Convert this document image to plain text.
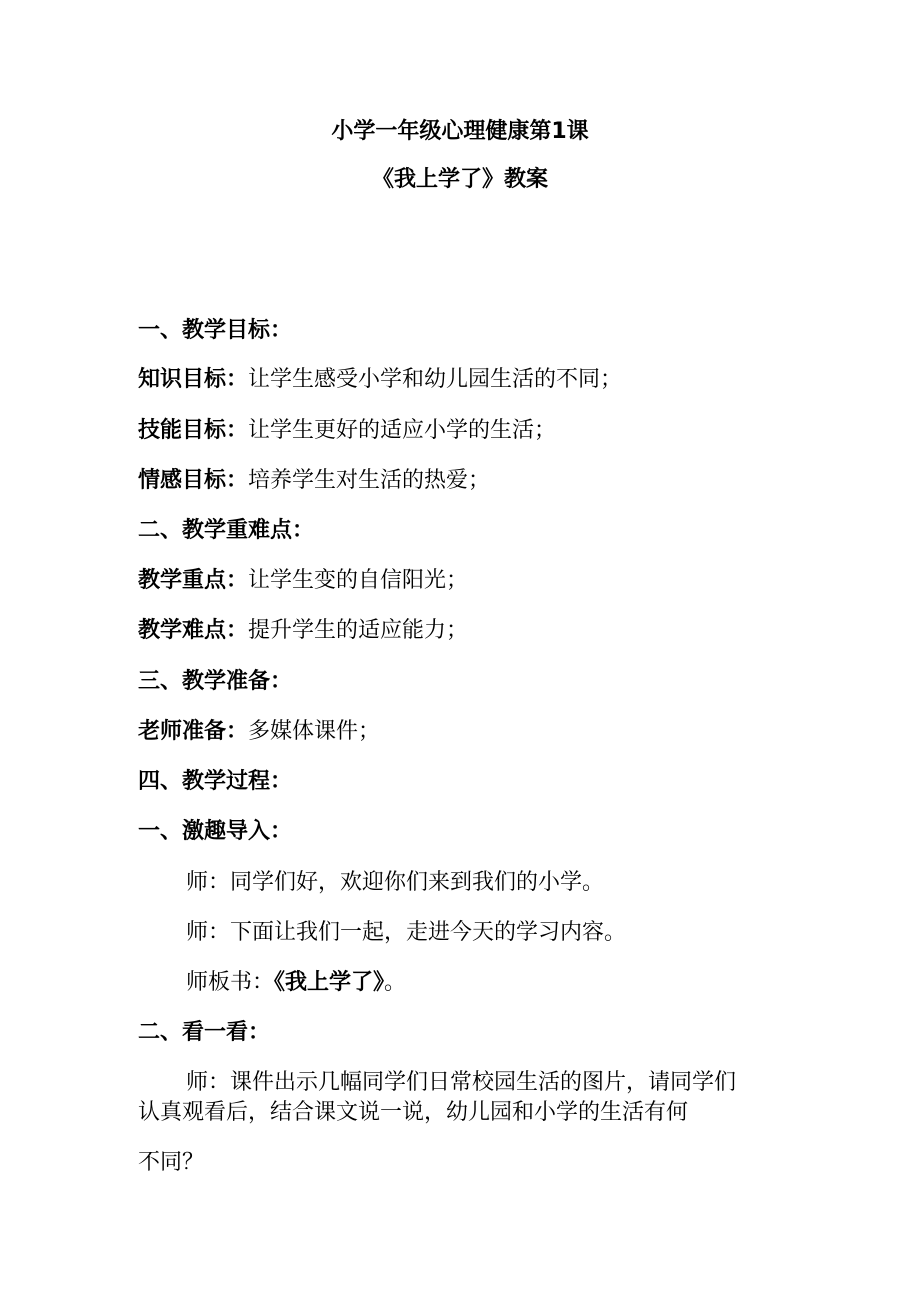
小学一年级心理健康第1课
《我上学了》教案
一、教学目标：
知识目标：让学生感受小学和幼儿园生活的不同；
技能目标：让学生更好的适应小学的生活；
情感目标：培养学生对生活的热爱；
二、教学重难点：
教学重点：让学生变的自信阳光；
教学难点：提升学生的适应能力；
三、教学准备：
老师准备：多媒体课件；
四、教学过程：
一、激趣导入：
师：同学们好，欢迎你们来到我们的小学。
师：下面让我们一起，走进今天的学习内容。
师板书：《我上学了》。
二、看一看：
师：课件出示几幅同学们日常校园生活的图片，请同学们
认真观看后，结合课文说一说，幼儿园和小学的生活有何
不同？
